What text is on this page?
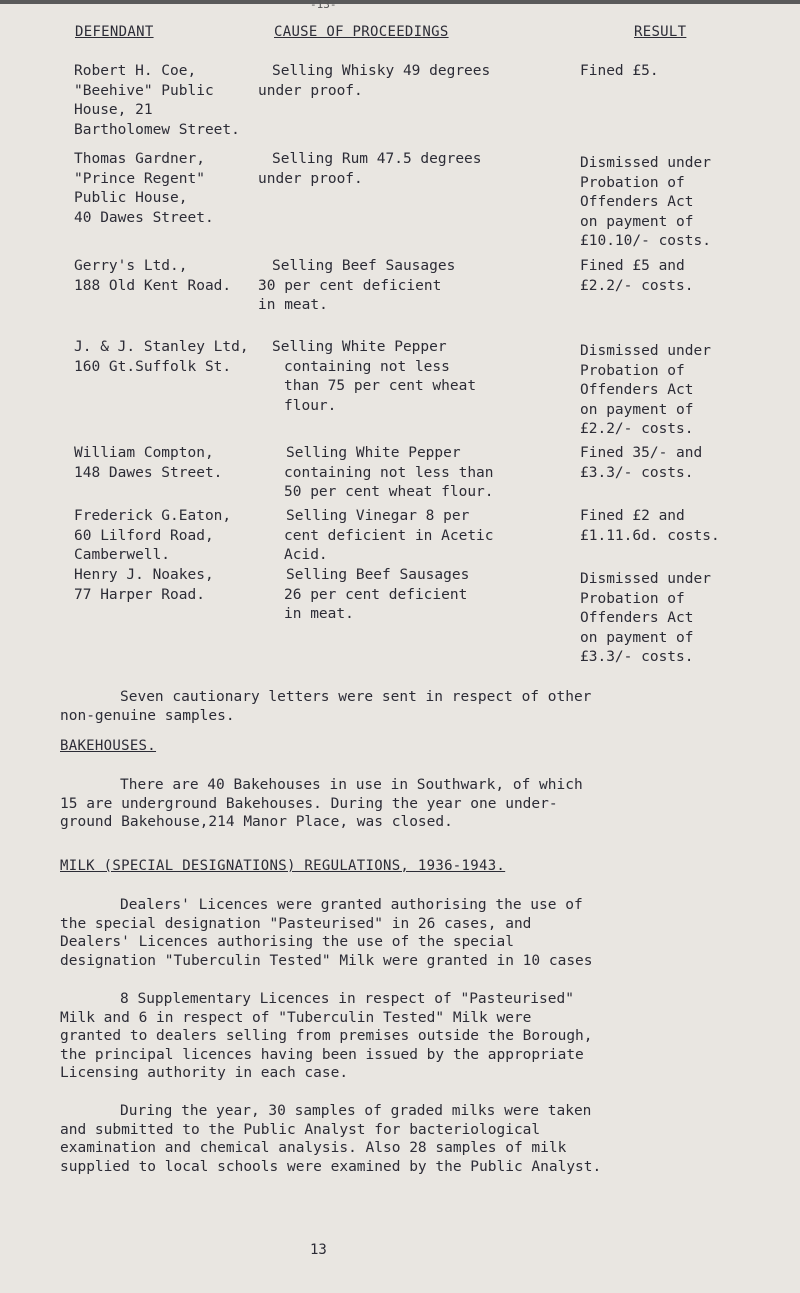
-13-
DEFENDANT	CAUSE OF PROCEEDINGS	RESULT
Robert H. Coe,
"Beehive" Public
House, 21
Bartholomew Street.
Selling Whisky 49 degrees
under proof.
Fined £5.
Thomas Gardner,
"Prince Regent"
Public House,
40 Dawes Street.
Selling Rum 47.5 degrees
under proof.
Dismissed under
Probation of
Offenders Act
on payment of
£10.10/- costs.
Gerry's Ltd.,
188 Old Kent Road.
Selling Beef Sausages
30 per cent deficient
in meat.
Fined £5 and
£2.2/- costs.
J. & J. Stanley Ltd,
160 Gt.Suffolk St.
Selling White Pepper
containing not less
than 75 per cent wheat
flour.
Dismissed under
Probation of
Offenders Act
on payment of
£2.2/- costs.
William Compton,
148 Dawes Street.
Selling White Pepper
containing not less than
50 per cent wheat flour.
Fined 35/- and
£3.3/- costs.
Frederick G.Eaton,
60 Lilford Road,
Camberwell.
Selling Vinegar 8 per
cent deficient in Acetic
Acid.
Fined £2 and
£1.11.6d. costs.
Henry J. Noakes,
77 Harper Road.
Selling Beef Sausages
26 per cent deficient
in meat.
Dismissed under
Probation of
Offenders Act
on payment of
£3.3/- costs.
Seven cautionary letters were sent in respect of other
non-genuine samples.
BAKEHOUSES.
There are 40 Bakehouses in use in Southwark, of which
15 are underground Bakehouses. During the year one under-
ground Bakehouse,214 Manor Place, was closed.
MILK (SPECIAL DESIGNATIONS) REGULATIONS, 1936-1943.
Dealers' Licences were granted authorising the use of
the special designation "Pasteurised" in 26 cases, and
Dealers' Licences authorising the use of the special
designation "Tuberculin Tested" Milk were granted in 10 cases
8 Supplementary Licences in respect of "Pasteurised"
Milk and 6 in respect of "Tuberculin Tested" Milk were
granted to dealers selling from premises outside the Borough,
the principal licences having been issued by the appropriate
Licensing authority in each case.
During the year, 30 samples of graded milks were taken
and submitted to the Public Analyst for bacteriological
examination and chemical analysis. Also 28 samples of milk
supplied to local schools were examined by the Public Analyst.
13
